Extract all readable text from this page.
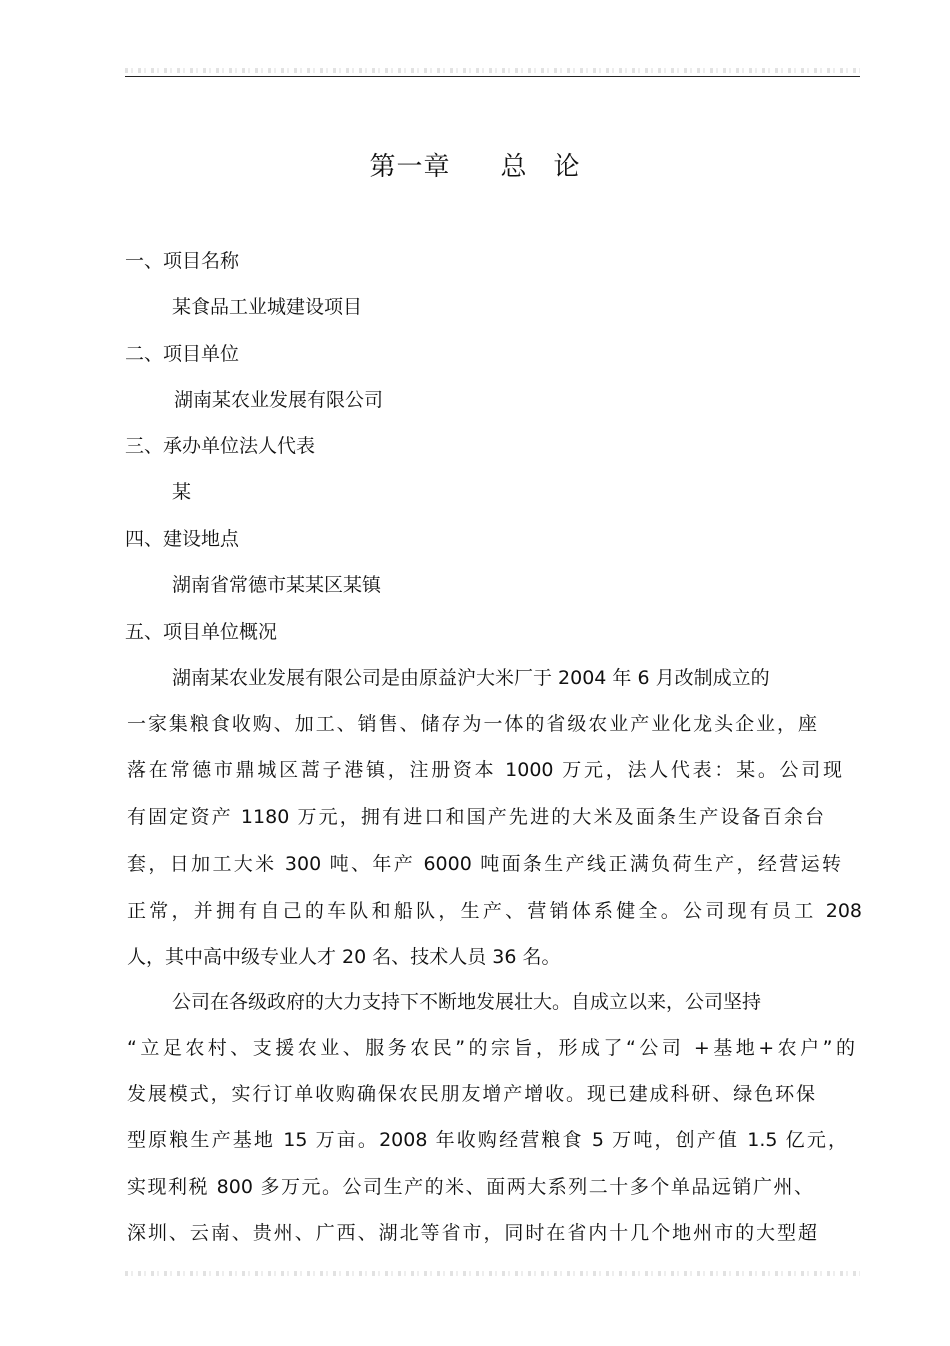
第一章 总 论
一、项目名称
某食品工业城建设项目
二、项目单位
湖南某农业发展有限公司
三、承办单位法人代表
某
四、建设地点
湖南省常德市某某区某镇
五、项目单位概况
湖南某农业发展有限公司是由原益沪大米厂于 2004 年 6 月改制成立的
一家集粮食收购、加工、销售、储存为一体的省级农业产业化龙头企业，座
落在常德市鼎城区蒿子港镇，注册资本 1000 万元，法人代表：某。公司现
有固定资产 1180 万元，拥有进口和国产先进的大米及面条生产设备百余台
套，日加工大米 300 吨、年产 6000 吨面条生产线正满负荷生产，经营运转
正常，并拥有自己的车队和船队，生产、营销体系健全。公司现有员工 208
人，其中高中级专业人才 20 名、技术人员 36 名。
公司在各级政府的大力支持下不断地发展壮大。自成立以来，公司坚持
“立足农村、支援农业、服务农民”的宗旨，形成了“公司 +基地+农户”的
发展模式，实行订单收购确保农民朋友增产增收。现已建成科研、绿色环保
型原粮生产基地 15 万亩。2008 年收购经营粮食 5 万吨，创产值 1.5 亿元，
实现利税 800 多万元。公司生产的米、面两大系列二十多个单品远销广州、
深圳、云南、贵州、广西、湖北等省市，同时在省内十几个地州市的大型超
